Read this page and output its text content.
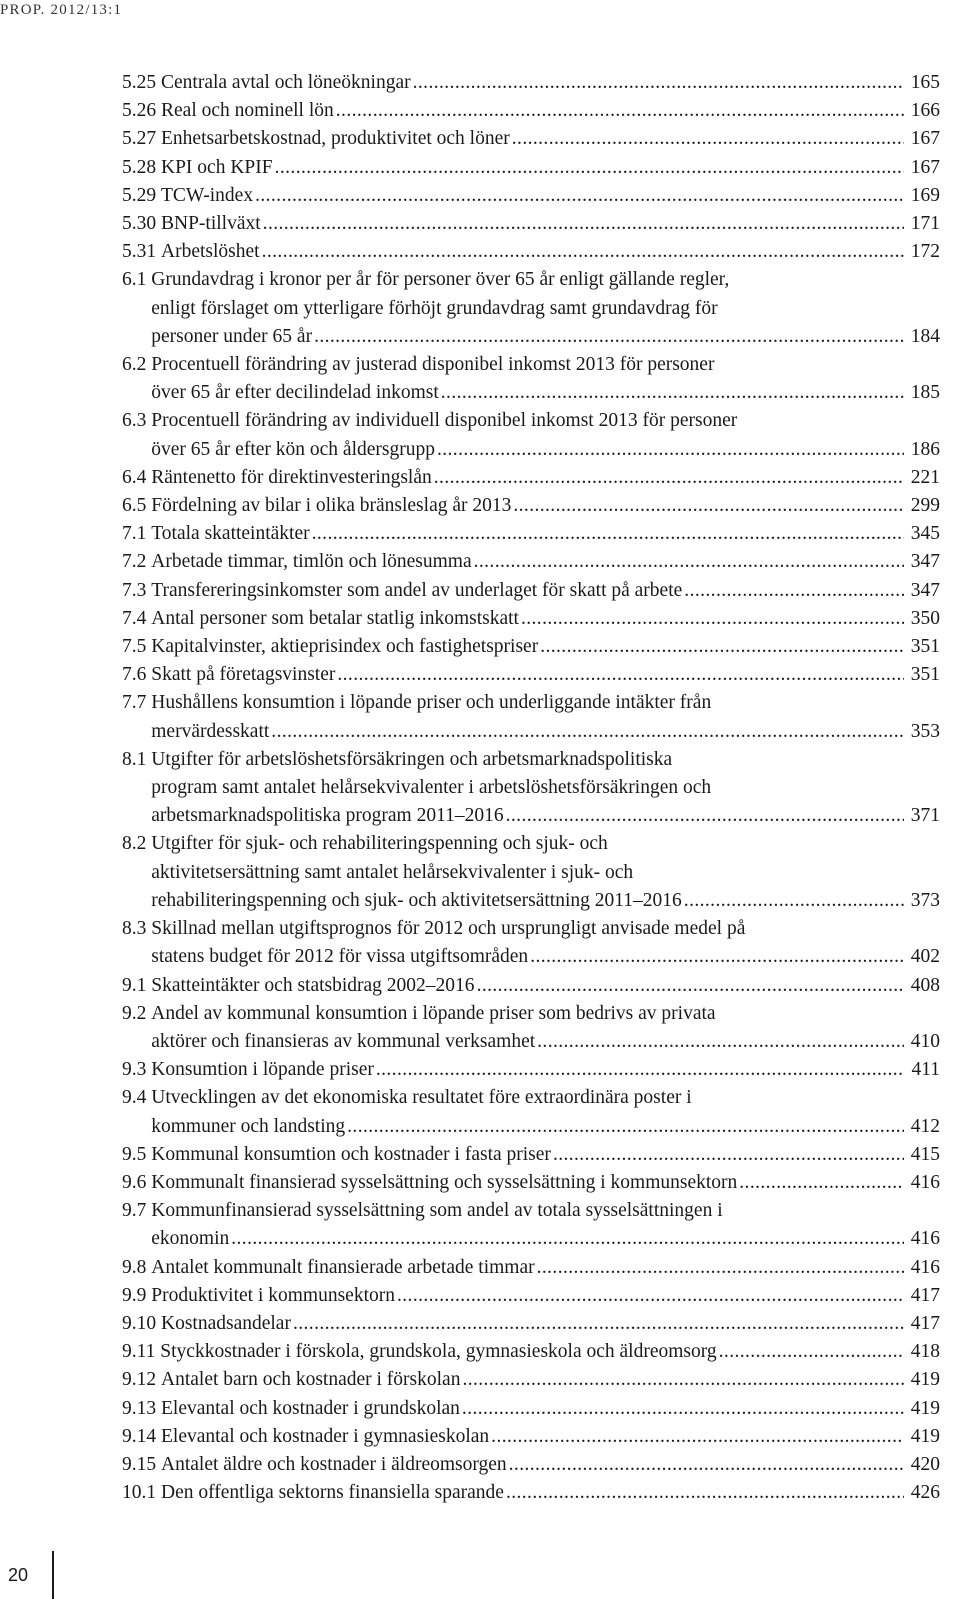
PROP. 2012/13:1
5.25 Centrala avtal och löneökningar .....	165
5.26 Real och nominell lön .....	166
5.27 Enhetsarbetskostnad, produktivitet och löner .....	167
5.28 KPI och KPIF .....	167
5.29 TCW-index .....	169
5.30 BNP-tillväxt .....	171
5.31 Arbetslöshet .....	172
6.1 Grundavdrag i kronor per år för personer över 65 år enligt gällande regler,
enligt förslaget om ytterligare förhöjt grundavdrag samt grundavdrag för
personer under 65 år .....	184
6.2 Procentuell förändring av justerad disponibel inkomst 2013 för personer
över 65 år efter decilindelad inkomst .....	185
6.3 Procentuell förändring av individuell disponibel inkomst 2013 för personer
över 65 år efter kön och åldersgrupp .....	186
6.4 Räntenetto för direktinvesteringslån .....	221
6.5 Fördelning av bilar i olika bränsleslag år 2013 .....	299
7.1 Totala skatteintäkter .....	345
7.2 Arbetade timmar, timlön och lönesumma .....	347
7.3 Transfereringsinkomster som andel av underlaget för skatt på arbete .....	347
7.4 Antal personer som betalar statlig inkomstskatt .....	350
7.5 Kapitalvinster, aktieprisindex och fastighetspriser .....	351
7.6 Skatt på företagsvinster .....	351
7.7 Hushållens konsumtion i löpande priser och underliggande intäkter från
mervärdesskatt .....	353
8.1 Utgifter för arbetslöshetsförsäkringen och arbetsmarknadspolitiska
program samt antalet helårsekvivalenter i arbetslöshetsförsäkringen och
arbetsmarknadspolitiska program 2011–2016 .....	371
8.2 Utgifter för sjuk- och rehabiliteringspenning och sjuk- och
aktivitetsersättning samt antalet helårsekvivalenter i sjuk- och
rehabiliteringspenning och sjuk- och aktivitetsersättning 2011–2016 .....	373
8.3 Skillnad mellan utgiftsprognos för 2012 och ursprungligt anvisade medel på
statens budget för 2012 för vissa utgiftsområden .....	402
9.1 Skatteintäkter och statsbidrag 2002–2016 .....	408
9.2 Andel av kommunal konsumtion i löpande priser som bedrivs av privata
aktörer och finansieras av kommunal verksamhet .....	410
9.3 Konsumtion i löpande priser .....	411
9.4 Utvecklingen av det ekonomiska resultatet före extraordinära poster i
kommuner och landsting .....	412
9.5 Kommunal konsumtion och kostnader i fasta priser .....	415
9.6 Kommunalt finansierad sysselsättning och sysselsättning i kommunsektorn .....	416
9.7 Kommunfinansierad sysselsättning som andel av totala sysselsättningen i
ekonomin .....	416
9.8 Antalet kommunalt finansierade arbetade timmar .....	416
9.9 Produktivitet i kommunsektorn .....	417
9.10 Kostnadsandelar .....	417
9.11 Styckkostnader i förskola, grundskola, gymnasieskola och äldreomsorg .....	418
9.12 Antalet barn och kostnader i förskolan .....	419
9.13 Elevantal och kostnader i grundskolan .....	419
9.14 Elevantal och kostnader i gymnasieskolan .....	419
9.15 Antalet äldre och kostnader i äldreomsorgen .....	420
10.1 Den offentliga sektorns finansiella sparande .....	426
20
